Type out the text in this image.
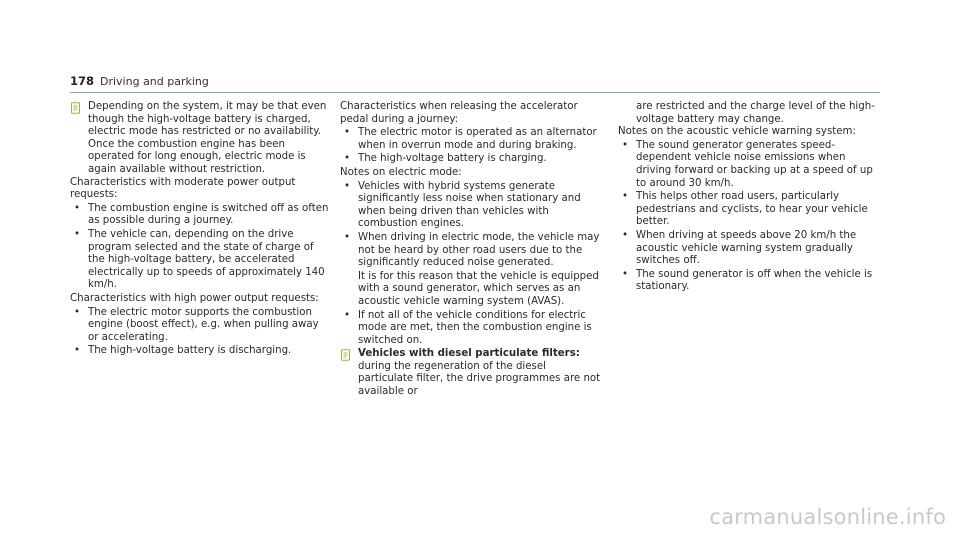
178 Driving and parking

Depending on the system, it may be that even though the high-voltage battery is charged, electric mode has restricted or no availability. Once the combustion engine has been operated for long enough, electric mode is again available without restriction.

Characteristics with moderate power output requests:

• The combustion engine is switched off as often as possible during a journey.
• The vehicle can, depending on the drive program selected and the state of charge of the high-voltage battery, be accelerated electrically up to speeds of approximately 140 km/h.

Characteristics with high power output requests:

• The electric motor supports the combustion engine (boost effect), e.g. when pulling away or accelerating.
• The high-voltage battery is discharging.

Characteristics when releasing the accelerator pedal during a journey:

• The electric motor is operated as an alternator when in overrun mode and during braking.
• The high-voltage battery is charging.

Notes on electric mode:

• Vehicles with hybrid systems generate significantly less noise when stationary and when being driven than vehicles with combustion engines.
• When driving in electric mode, the vehicle may not be heard by other road users due to the significantly reduced noise generated.

It is for this reason that the vehicle is equipped with a sound generator, which serves as an acoustic vehicle warning system (AVAS).

• If not all of the vehicle conditions for electric mode are met, then the combustion engine is switched on.

Vehicles with diesel particulate filters: during the regeneration of the diesel particulate filter, the drive programmes are not available or

are restricted and the charge level of the high-voltage battery may change.

Notes on the acoustic vehicle warning system:

• The sound generator generates speed-dependent vehicle noise emissions when driving forward or backing up at a speed of up to around 30 km/h.
• This helps other road users, particularly pedestrians and cyclists, to hear your vehicle better.
• When driving at speeds above 20 km/h the acoustic vehicle warning system gradually switches off.
• The sound generator is off when the vehicle is stationary.
carmanualsonline.info
